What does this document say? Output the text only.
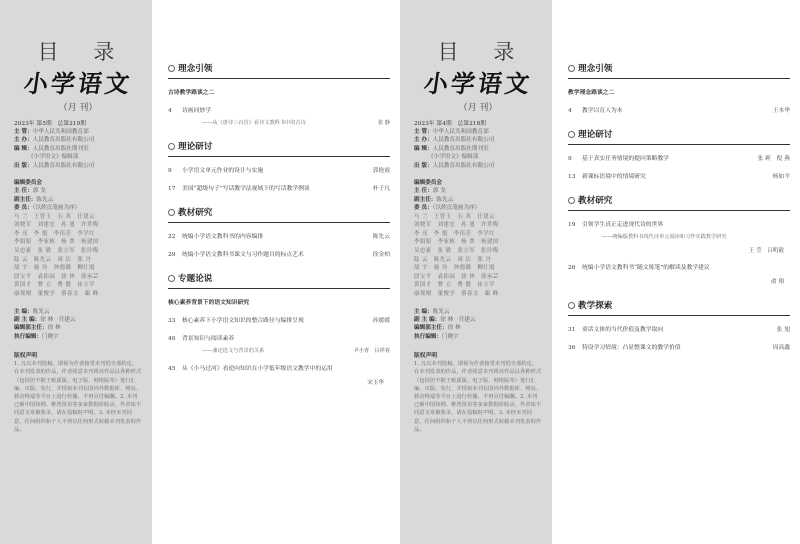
目 录
小学语文
（月 刊）
2023年 第5期　总第219期
主 管：中华人民共和国教育部
主 办：人民教育出版社有限公司
编 辑：人民教育出版社期刊室
《小学语文》编辑部
出 版：人民教育出版社有限公司
编辑委员会
主 任：郭 戈
副主任：陈先云
委 员：（以姓氏笔画为序）
马 兰　王智玉　石 英　任建云
刘晓军　刘建宏　孙 旭　许世梅
李 亮　李 旭　李伟芳　李学红
李娟娟　李家栋　杨 翠　杨建国
吴忠豪　张 敏　张立军　张玲梅
陆 云　陈先云　周 洁　郑 丹
胡 宇　施 玲　钟德赣　柳红霞
段宝平　袁佑园　徐 林　徐承芸
黄国才　曹 立　曹 健　崔立学
康现刚　董俊学　蔡春文　霸 峰
主 编：陈先云
副 主 编：徐 林　任建云
编辑部主任：徐 林
执行编辑：门晓宇
版权声明
1. 凡以本刊投稿，即视为作者接受本刊的全部约定。在本刊发表的作品，作者同意本刊将该作品以各种形式（包括但不限于纸质版、电子版、网络版等）进行汇编、出版、发行，并授权本刊在国内外数据库、网站、移动终端等平台上进行传播，不再另付稿酬。2. 本刊已被中国知网、维普资讯等多家数据库收录，作者如不同意文章被收录，请在投稿时声明。3. 未经本刊同意，任何组织和个人不得以任何形式转载本刊发表的作品。
理念引领
古诗教学路谈之二
4	诗画同妙学
——从《唐诗三百首》看诗文教科书中的古诗	张 静
理论研讨
9	小学语文单元作业的设计与实施	郭艳霞
17	美国“超级句子”写话教学法视域下的写话教学例谈	朴子凡
教材研究
22	统编小学语文教科书的内容编排	陈先云
29	统编小学语文教科书课文与习作题目的标点艺术	徐金柏
专题论说
核心素养背景下的语文知识研究
33	核心素养下小学语文知识的整合路径与编排呈现	孙媛媛
40	背景知识与阅读素养
——兼论选文与背景的关系	尹小青　吕祥春
45	从《小马过河》看逆向知识在小学低年级语文教学中的运用
宋玉华
目 录
小学语文
（月 刊）
2023年 第4期　总第218期
主 管：中华人民共和国教育部
主 办：人民教育出版社有限公司
编 辑：人民教育出版社期刊室
《小学语文》编辑部
出 版：人民教育出版社有限公司
编辑委员会
主 任：郭 戈
副主任：陈先云
委 员：（以姓氏笔画为序）
马 兰　王智玉　石 英　任建云
刘晓军　刘建宏　孙 旭　许世梅
李 亮　李 旭　李伟芳　李学红
李娟娟　李家栋　杨 翠　杨建国
吴忠豪　张 敏　张立军　张玲梅
陆 云　陈先云　周 洁　郑 丹
胡 宇　施 玲　钟德赣　柳红霞
段宝平　袁佑园　徐 林　徐承芸
黄国才　曹 立　曹 健　崔立学
康现刚　董俊学　蔡春文　霸 峰
主 编：陈先云
副 主 编：徐 林　任建云
编辑部主任：徐 林
执行编辑：门晓宇
版权声明
1. 凡以本刊投稿，即视为作者接受本刊的全部约定。在本刊发表的作品，作者同意本刊将该作品以各种形式（包括但不限于纸质版、电子版、网络版等）进行汇编、出版、发行，并授权本刊在国内外数据库、网站、移动终端等平台上进行传播，不再另付稿酬。2. 本刊已被中国知网、维普资讯等多家数据库收录，作者如不同意文章被收录，请在投稿时声明。3. 未经本刊同意，任何组织和个人不得以任何形式转载本刊发表的作品。
理念引领
教学理念路谈之二
4	教学以育人为本	王本华
理论研讨
9	基于真实任务情境的提问策略教学	张 莉　倪 燕
13	新课标语境中的情境研究	杨如平
教材研究
19	引领学生真正走进现代诗的世界
——统编版教科书现代诗单元阅读和习作实践教学研究
王 莹　吕明毅
26	统编小学语文教科书“随文练笔”的解读及教学建议
俞 翔
教学探索
31	童话文体的当代价值及教学取向	张 旭
36	特设学习情境：凸显整课文的教学价值	周高鑫
